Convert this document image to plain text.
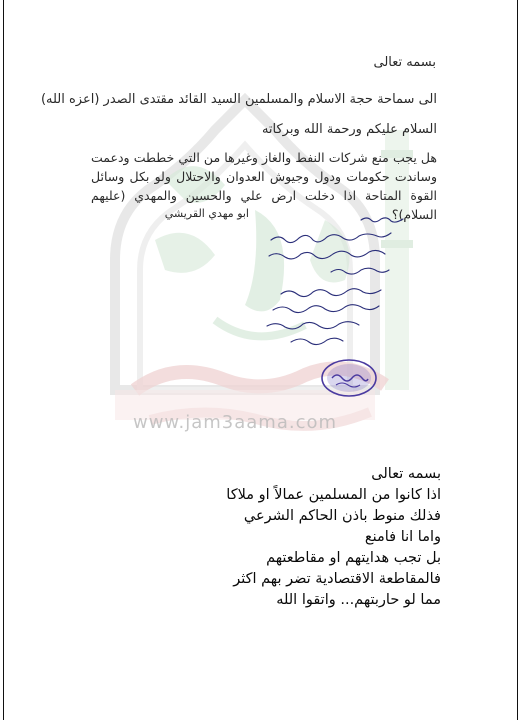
www.jam3aama.com
بسمه تعالى
الى سماحة حجة الاسلام والمسلمين السيد القائد مقتدى الصدر (اعزه الله)
السلام عليكم ورحمة الله وبركاته
هل يجب منع شركات النفط والغاز وغيرها من التي خططت ودعمت وساندت حكومات ودول وجيوش العدوان والاحتلال ولو بكل وسائل القوة المتاحة اذا دخلت ارض علي والحسين والمهدي (عليهم السلام)؟
ابو مهدي القريشي
بسمه تعالى
اذا كانوا من المسلمين عمالاً او ملاكا
فذلك منوط باذن الحاكم الشرعي
واما انا فامنع
بل تجب هدايتهم او مقاطعتهم
فالمقاطعة الاقتصادية تضر بهم اكثر
مما لو حاربتهم... واتقوا الله
